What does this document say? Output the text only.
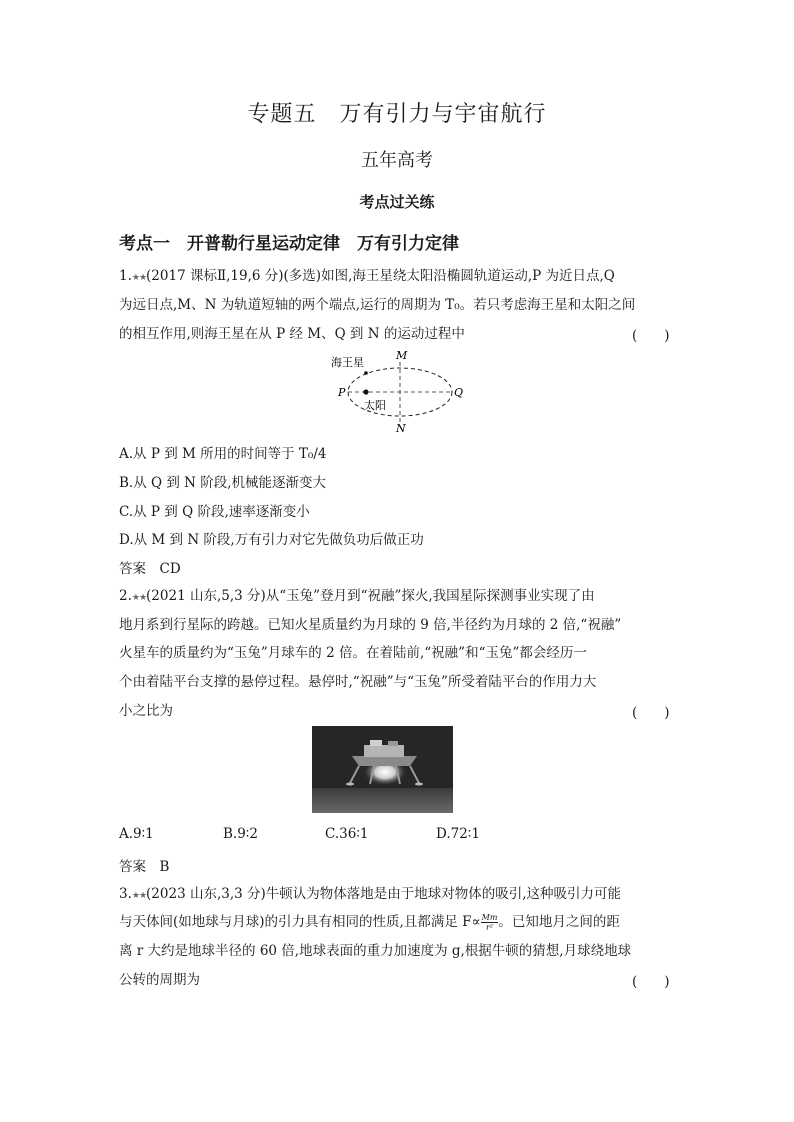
专题五　万有引力与宇宙航行
五年高考
考点过关练
考点一　开普勒行星运动定律　万有引力定律
1.★★(2017 课标Ⅱ,19,6 分)(多选)如图,海王星绕太阳沿椭圆轨道运动,P 为近日点,Q
为远日点,M、N 为轨道短轴的两个端点,运行的周期为 T₀。若只考虑海王星和太阳之间
的相互作用,则海王星在从 P 经 M、Q 到 N 的运动过程中	(　　)
海王星
太阳
P	Q
M
N
A.从 P 到 M 所用的时间等于 T₀/4
B.从 Q 到 N 阶段,机械能逐渐变大
C.从 P 到 Q 阶段,速率逐渐变小
D.从 M 到 N 阶段,万有引力对它先做负功后做正功
答案　CD
2.★★(2021 山东,5,3 分)从“玉兔”登月到“祝融”探火,我国星际探测事业实现了由
地月系到行星际的跨越。已知火星质量约为月球的 9 倍,半径约为月球的 2 倍,“祝融”
火星车的质量约为“玉兔”月球车的 2 倍。在着陆前,“祝融”和“玉兔”都会经历一
个由着陆平台支撑的悬停过程。悬停时,“祝融”与“玉兔”所受着陆平台的作用力大
小之比为	(　　)
A.9∶1	B.9∶2	C.36∶1	D.72∶1
答案　B
3.★★(2023 山东,3,3 分)牛顿认为物体落地是由于地球对物体的吸引,这种吸引力可能
与天体间(如地球与月球)的引力具有相同的性质,且都满足 $F\propto \frac{Mm}{\text{r²}}$ 。已知地月之间的距
离 r 大约是地球半径的 60 倍,地球表面的重力加速度为 g,根据牛顿的猜想,月球绕地球
公转的周期为	(　　)
